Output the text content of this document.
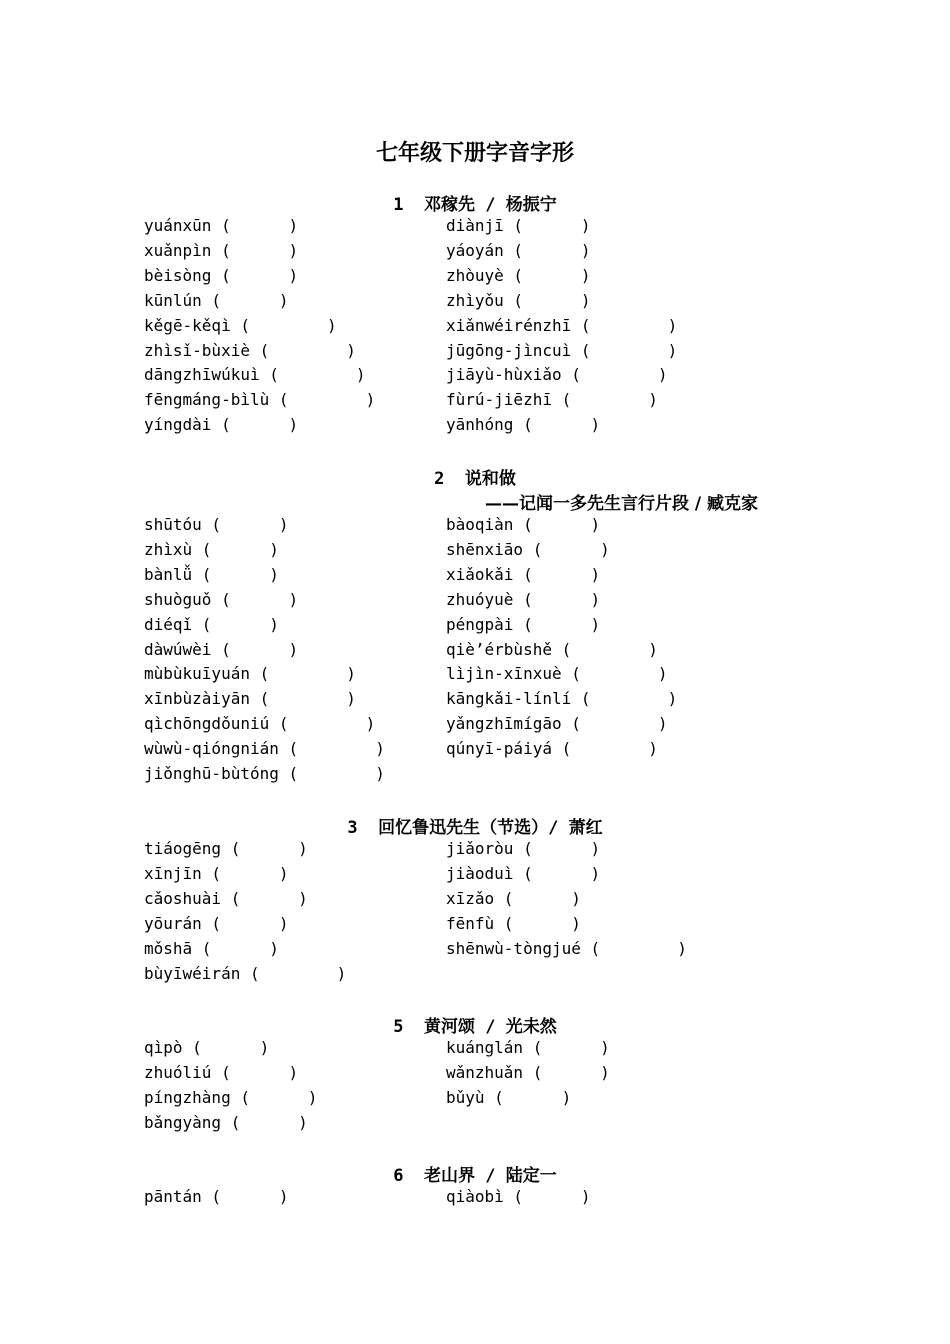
七年级下册字音字形
1  邓稼先 / 杨振宁
yuánxūn (      )
xuǎnpìn (      )
bèisòng (      )
kūnlún (      )
kěgē-kěqì (        )
zhìsǐ-bùxiè (        )
dāngzhīwúkuì (        )
fēngmáng-bìlù (        )
yíngdài (      )
diànjī (      )
yáoyán (      )
zhòuyè (      )
zhìyǒu (      )
xiǎnwéirénzhī (        )
jūgōng-jìncuì (        )
jiāyù-hùxiǎo (        )
fùrú-jiēzhī (        )
yānhóng (      )
2  说和做
——记闻一多先生言行片段 / 臧克家
shūtóu (      )
zhìxù (      )
bànlǚ (      )
shuòguǒ (      )
diéqǐ (      )
dàwúwèi (      )
mùbùkuīyuán (        )
xīnbùzàiyān (        )
qìchōngdǒuniú (        )
wùwù-qióngnián (        )
jiǒnghū-bùtóng (        )
bàoqiàn (      )
shēnxiāo (      )
xiǎokǎi (      )
zhuóyuè (      )
péngpài (      )
qiè’érbùshě (        )
lìjìn-xīnxuè (        )
kāngkǎi-línlí (        )
yǎngzhīmígāo (        )
qúnyī-páiyá (        )
3  回忆鲁迅先生（节选）/ 萧红
tiáogēng (      )
xīnjīn (      )
cǎoshuài (      )
yōurán (      )
mǒshā (      )
bùyīwéirán (        )
jiǎoròu (      )
jiàoduì (      )
xīzǎo (      )
fēnfù (      )
shēnwù-tòngjué (        )
5  黄河颂 / 光未然
qìpò (      )
zhuóliú (      )
píngzhàng (      )
bǎngyàng (      )
kuánglán (      )
wǎnzhuǎn (      )
bǔyù (      )
6  老山界 / 陆定一
pāntán (      )	qiàobì (      )
